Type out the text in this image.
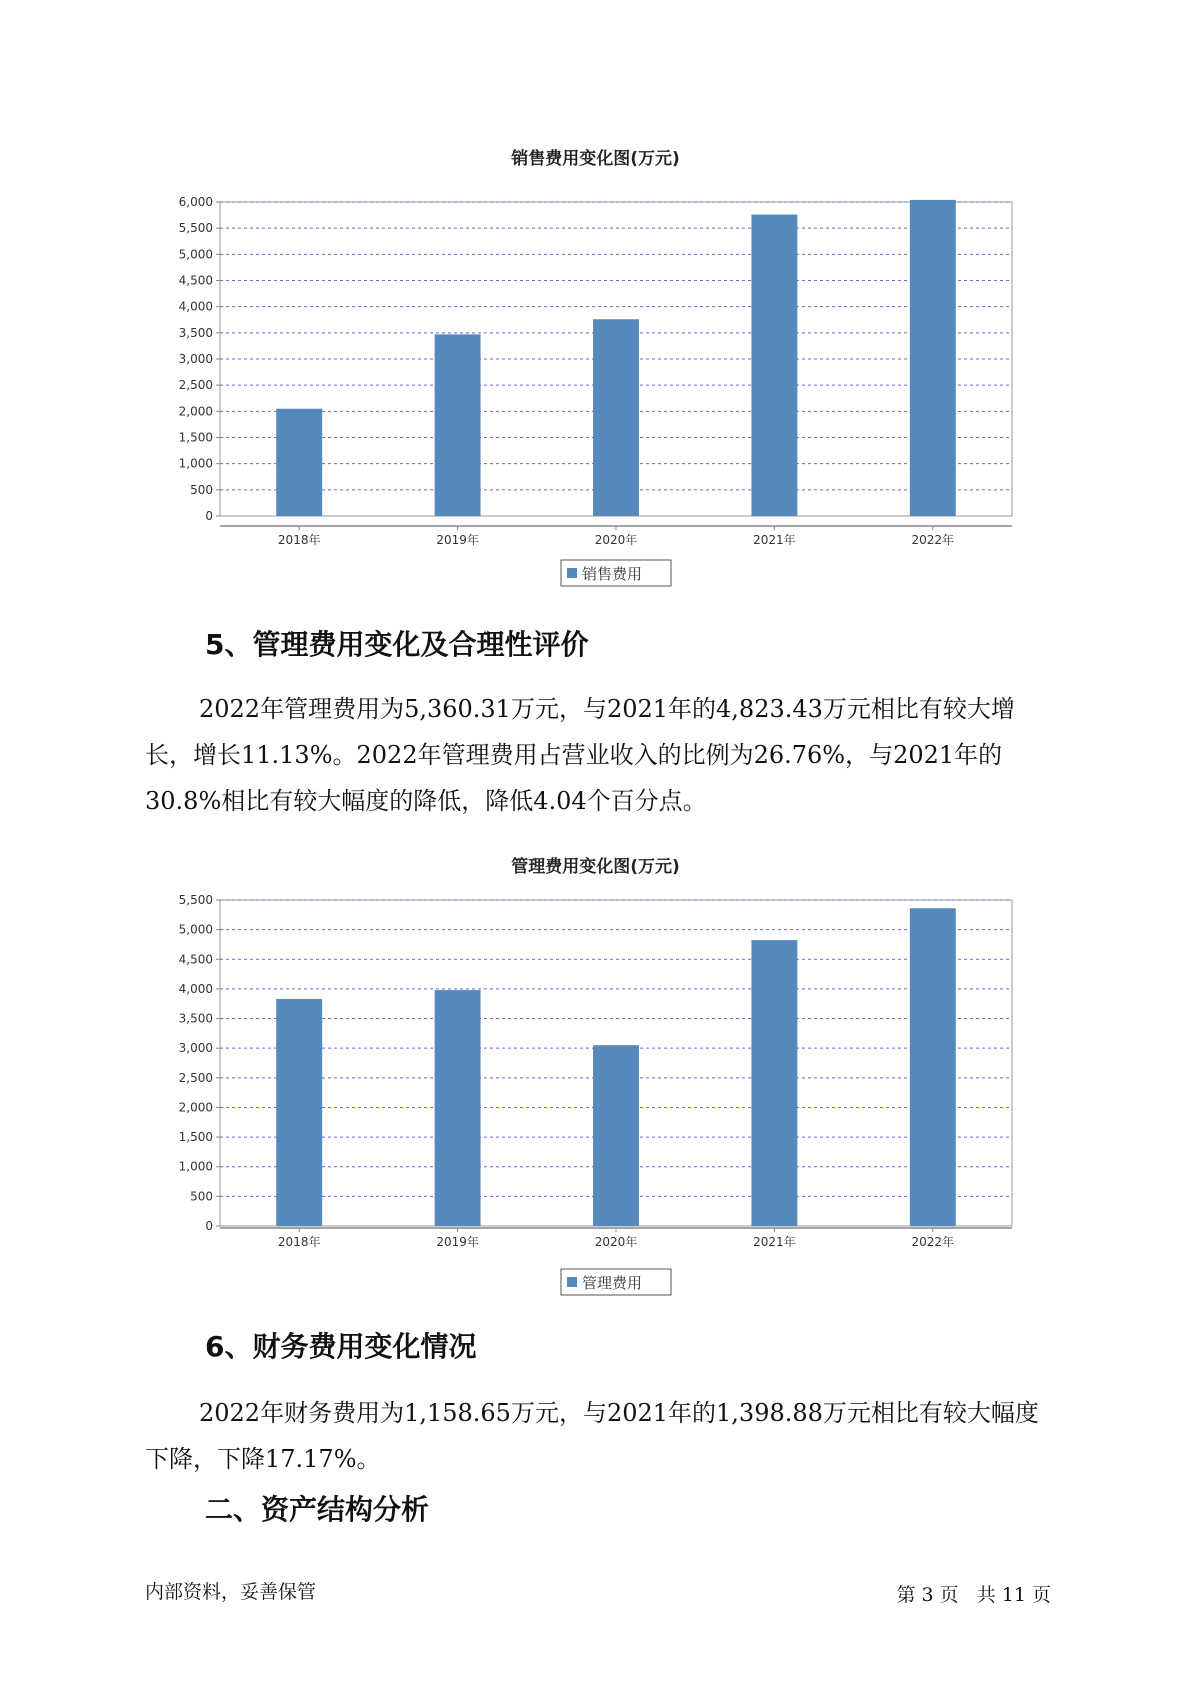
销售费用变化图(万元)
0
500
1,000
1,500
2,000
2,500
3,000
3,500
4,000
4,500
5,000
5,500
6,000
2018年	2019年	2020年	2021年	2022年
销售费用
5、管理费用变化及合理性评价

2022年管理费用为5,360.31万元，与2021年的4,823.43万元相比有较大增长，增长11.13%。2022年管理费用占营业收入的比例为26.76%，与2021年的30.8%相比有较大幅度的降低，降低4.04个百分点。

管理费用变化图(万元)
0
500
1,000
1,500
2,000
2,500
3,000
3,500
4,000
4,500
5,000
5,500
2018年	2019年	2020年	2021年	2022年
管理费用
6、财务费用变化情况

2022年财务费用为1,158.65万元，与2021年的1,398.88万元相比有较大幅度下降，下降17.17%。

二、资产结构分析
内部资料，妥善保管	第 3 页   共 11 页
